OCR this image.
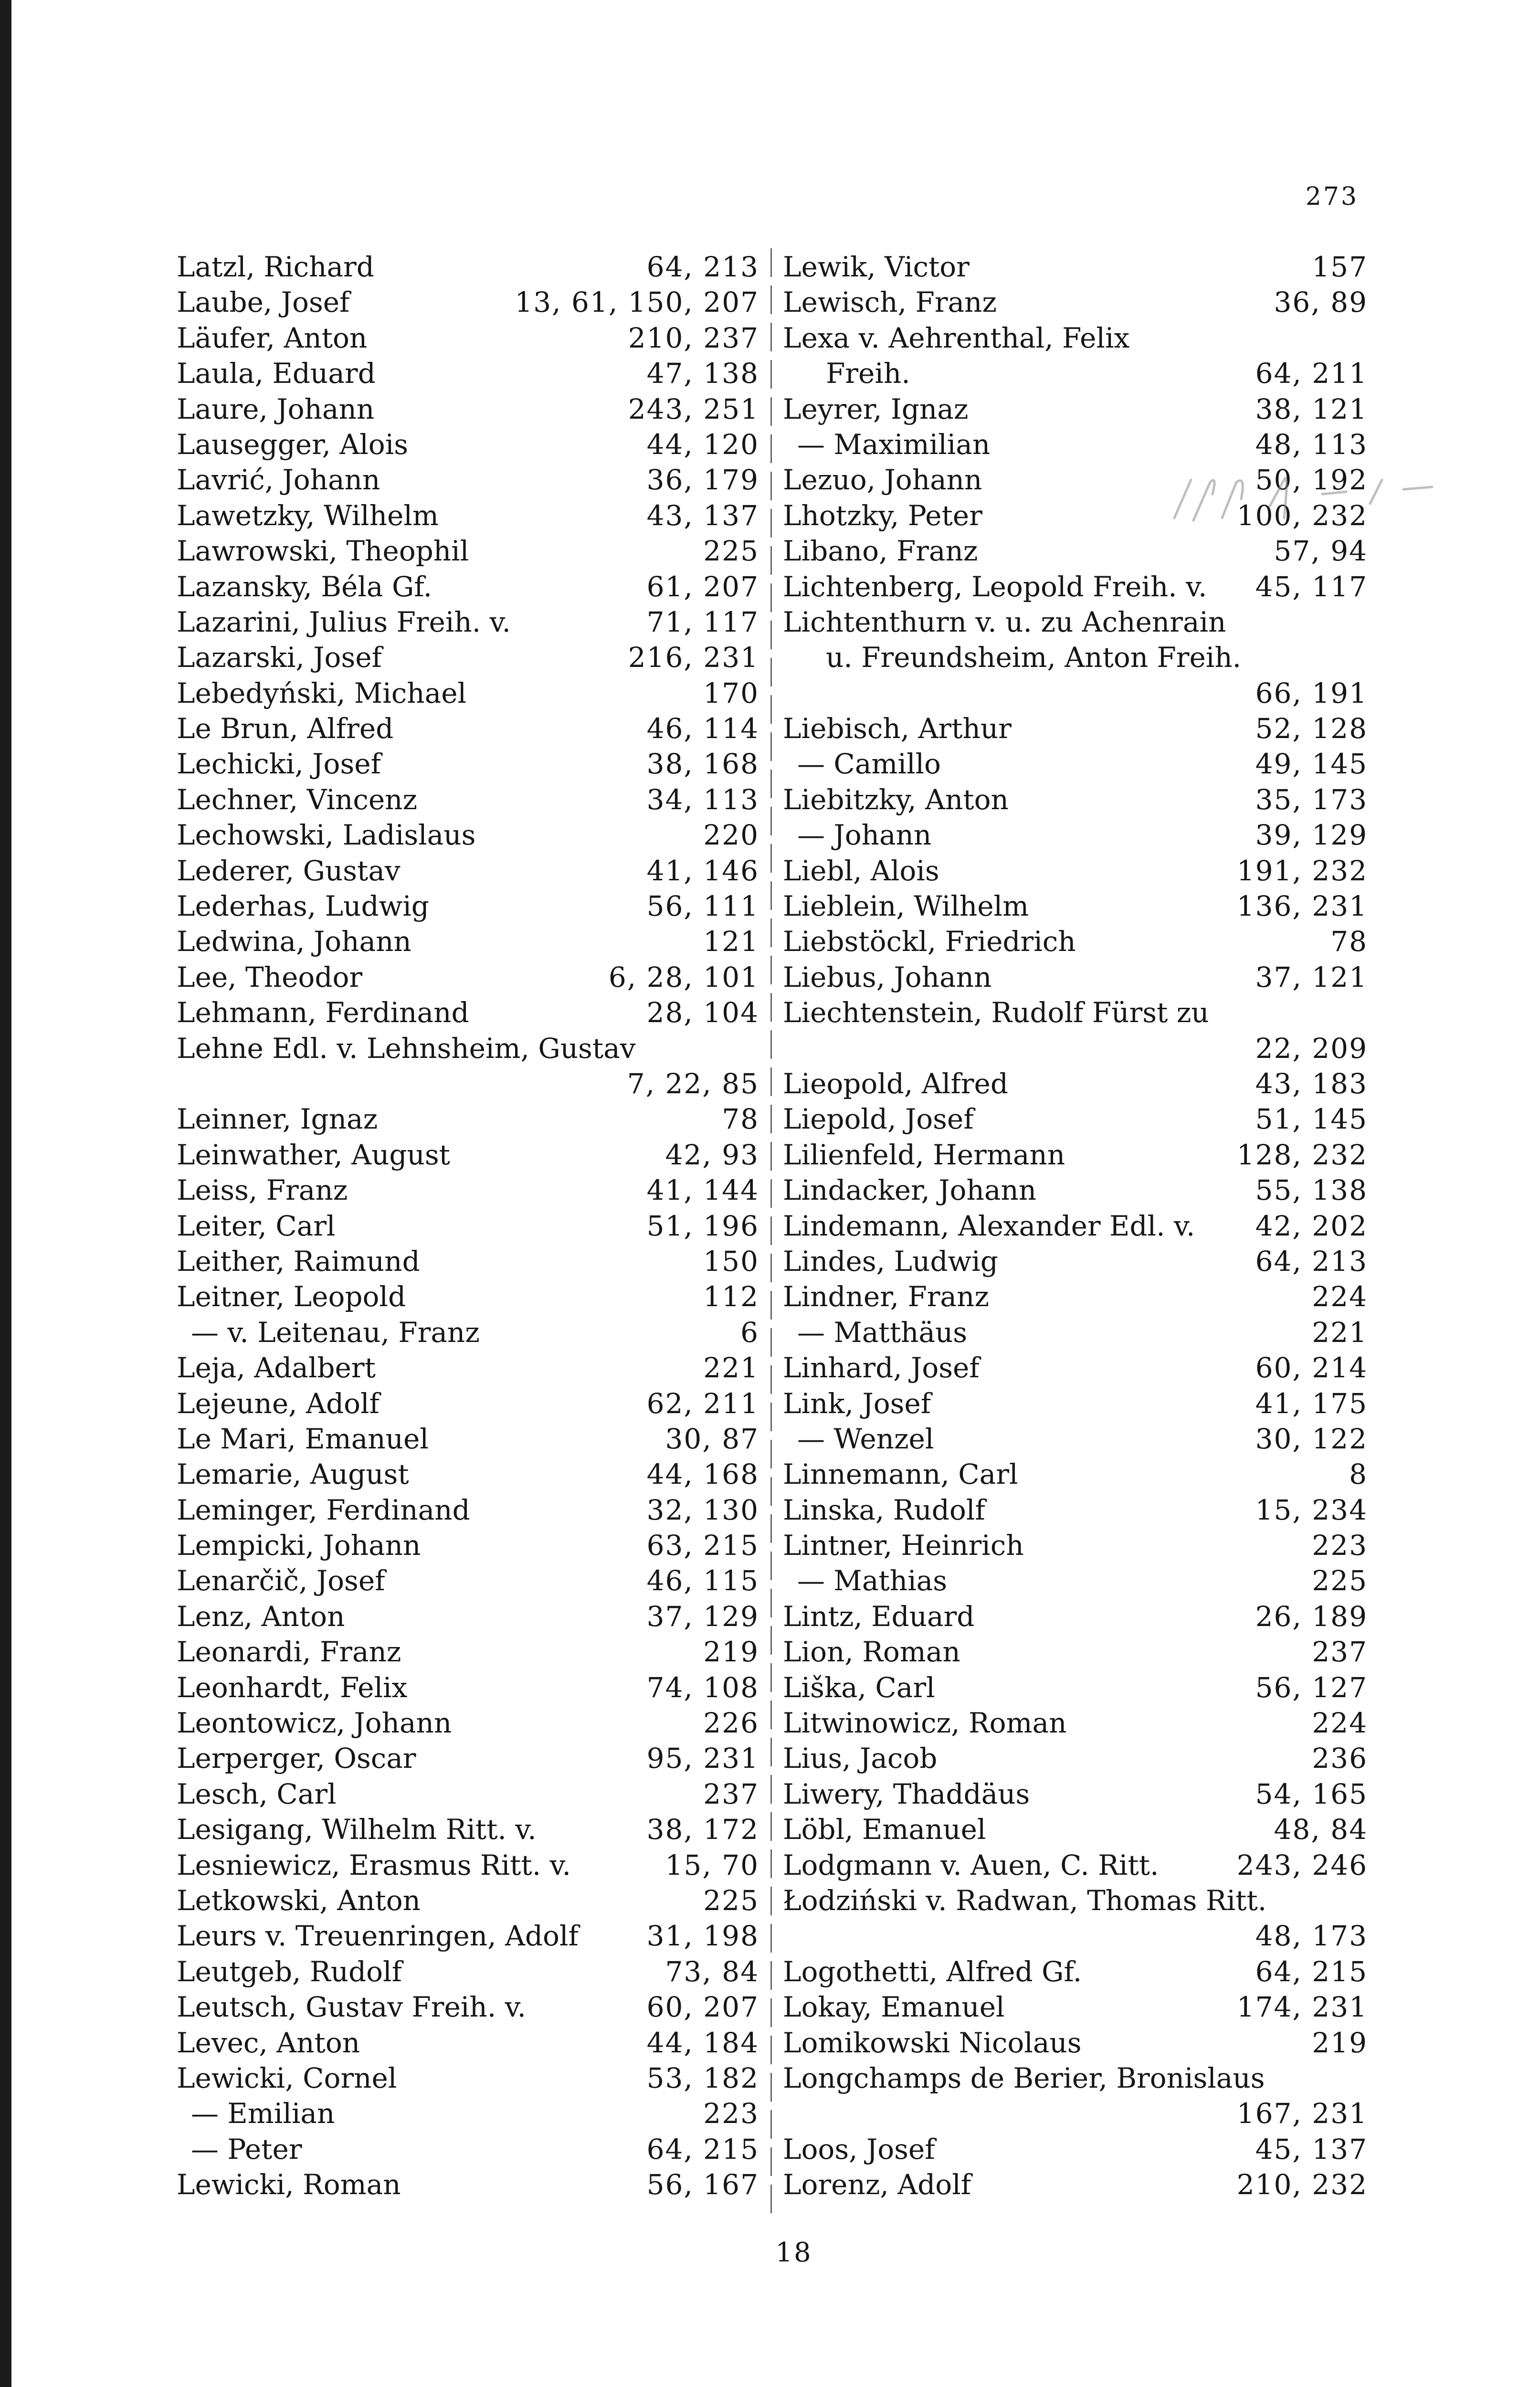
273
Latzl, Richard	64, 213
Laube, Josef	13, 61, 150, 207
Läufer, Anton	210, 237
Laula, Eduard	47, 138
Laure, Johann	243, 251
Lausegger, Alois	44, 120
Lavrić, Johann	36, 179
Lawetzky, Wilhelm	43, 137
Lawrowski, Theophil	225
Lazansky, Béla Gf.	61, 207
Lazarini, Julius Freih. v.	71, 117
Lazarski, Josef	216, 231
Lebedyński, Michael	170
Le Brun, Alfred	46, 114
Lechicki, Josef	38, 168
Lechner, Vincenz	34, 113
Lechowski, Ladislaus	220
Lederer, Gustav	41, 146
Lederhas, Ludwig	56, 111
Ledwina, Johann	121
Lee, Theodor	6, 28, 101
Lehmann, Ferdinand	28, 104
Lehne Edl. v. Lehnsheim, Gustav
7, 22, 85
Leinner, Ignaz	78
Leinwather, August	42, 93
Leiss, Franz	41, 144
Leiter, Carl	51, 196
Leither, Raimund	150
Leitner, Leopold	112
— v. Leitenau, Franz	6
Leja, Adalbert	221
Lejeune, Adolf	62, 211
Le Mari, Emanuel	30, 87
Lemarie, August	44, 168
Leminger, Ferdinand	32, 130
Lempicki, Johann	63, 215
Lenarčič, Josef	46, 115
Lenz, Anton	37, 129
Leonardi, Franz	219
Leonhardt, Felix	74, 108
Leontowicz, Johann	226
Lerperger, Oscar	95, 231
Lesch, Carl	237
Lesigang, Wilhelm Ritt. v.	38, 172
Lesniewicz, Erasmus Ritt. v.	15, 70
Letkowski, Anton	225
Leurs v. Treuenringen, Adolf 31, 198
Leutgeb, Rudolf	73, 84
Leutsch, Gustav Freih. v.	60, 207
Levec, Anton	44, 184
Lewicki, Cornel	53, 182
— Emilian	223
— Peter	64, 215
Lewicki, Roman	56, 167
Lewik, Victor	157
Lewisch, Franz	36, 89
Lexa v. Aehrenthal, Felix
Freih.	64, 211
Leyrer, Ignaz	38, 121
— Maximilian	48, 113
Lezuo, Johann	50, 192
Lhotzky, Peter	100, 232
Libano, Franz	57, 94
Lichtenberg, Leopold Freih. v. 45, 117
Lichtenthurn v. u. zu Achenrain
u. Freundsheim, Anton Freih.
66, 191
Liebisch, Arthur	52, 128
— Camillo	49, 145
Liebitzky, Anton	35, 173
— Johann	39, 129
Liebl, Alois	191, 232
Lieblein, Wilhelm	136, 231
Liebstöckl, Friedrich	78
Liebus, Johann	37, 121
Liechtenstein, Rudolf Fürst zu
22, 209
Lieopold, Alfred	43, 183
Liepold, Josef	51, 145
Lilienfeld, Hermann	128, 232
Lindacker, Johann	55, 138
Lindemann, Alexander Edl. v. 42, 202
Lindes, Ludwig	64, 213
Lindner, Franz	224
— Matthäus	221
Linhard, Josef	60, 214
Link, Josef	41, 175
— Wenzel	30, 122
Linnemann, Carl	8
Linska, Rudolf	15, 234
Lintner, Heinrich	223
— Mathias	225
Lintz, Eduard	26, 189
Lion, Roman	237
Liška, Carl	56, 127
Litwinowicz, Roman	224
Lius, Jacob	236
Liwery, Thaddäus	54, 165
Löbl, Emanuel	48, 84
Lodgmann v. Auen, C. Ritt.	243, 246
Łodziński v. Radwan, Thomas Ritt.
48, 173
Logothetti, Alfred Gf.	64, 215
Lokay, Emanuel	174, 231
Lomikowski Nicolaus	219
Longchamps de Berier, Bronislaus
167, 231
Loos, Josef	45, 137
Lorenz, Adolf	210, 232
18
